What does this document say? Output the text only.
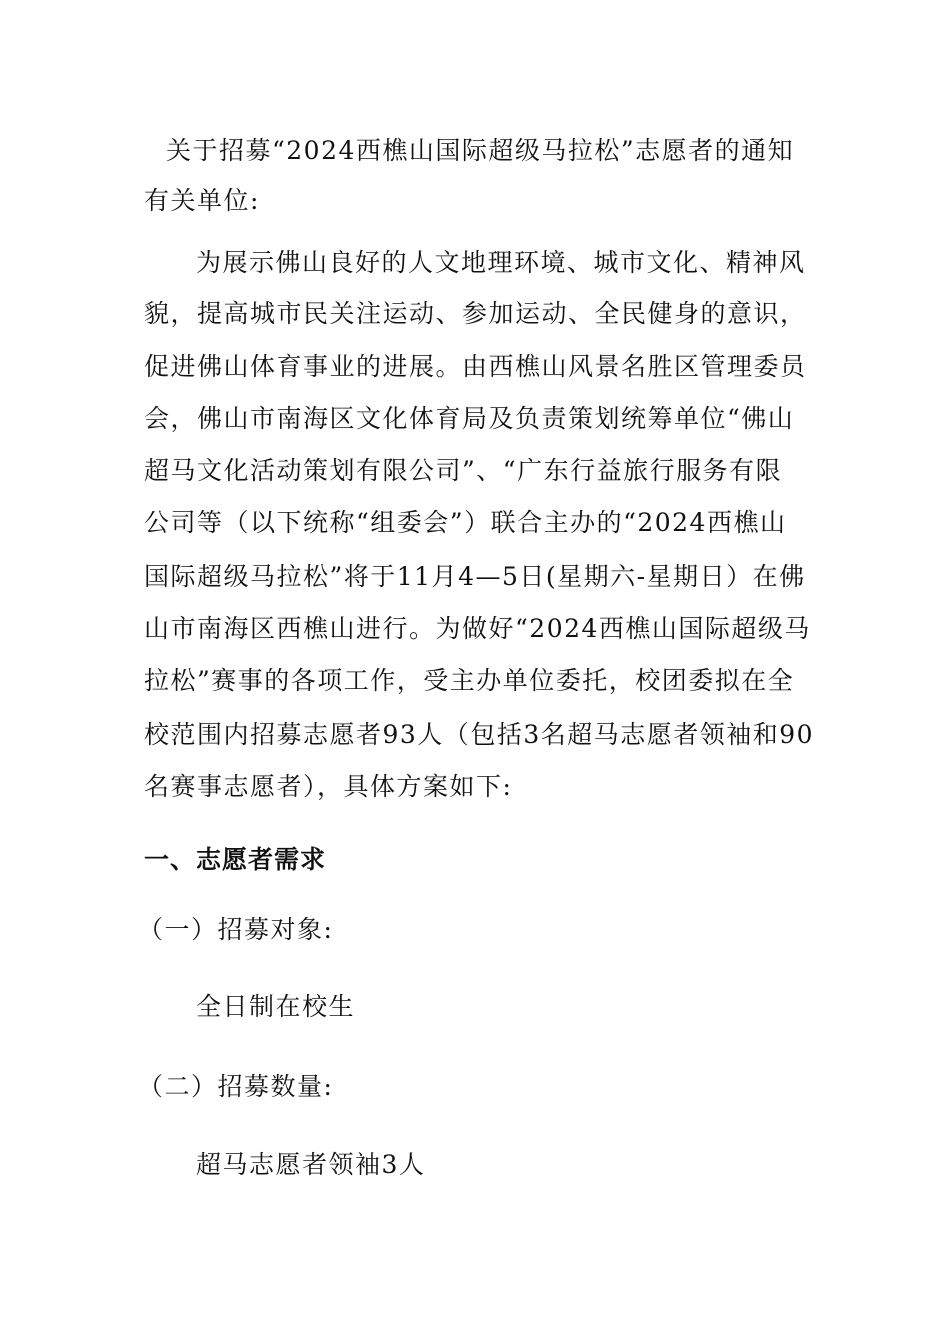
关于招募“2024西樵山国际超级马拉松”志愿者的通知
有关单位:
为展示佛山良好的人文地理环境、城市文化、精神风
貌，提高城市民关注运动、参加运动、全民健身的意识，
促进佛山体育事业的进展。由西樵山风景名胜区管理委员
会，佛山市南海区文化体育局及负责策划统筹单位“佛山
超马文化活动策划有限公司”、“广东行益旅行服务有限
公司等（以下统称“组委会”）联合主办的“2024西樵山
国际超级马拉松”将于11月4—5日(星期六-星期日）在佛
山市南海区西樵山进行。为做好“2024西樵山国际超级马
拉松”赛事的各项工作，受主办单位委托，校团委拟在全
校范围内招募志愿者93人（包括3名超马志愿者领袖和90
名赛事志愿者），具体方案如下:
一、志愿者需求
（一）招募对象:
全日制在校生
（二）招募数量:
超马志愿者领袖3人
